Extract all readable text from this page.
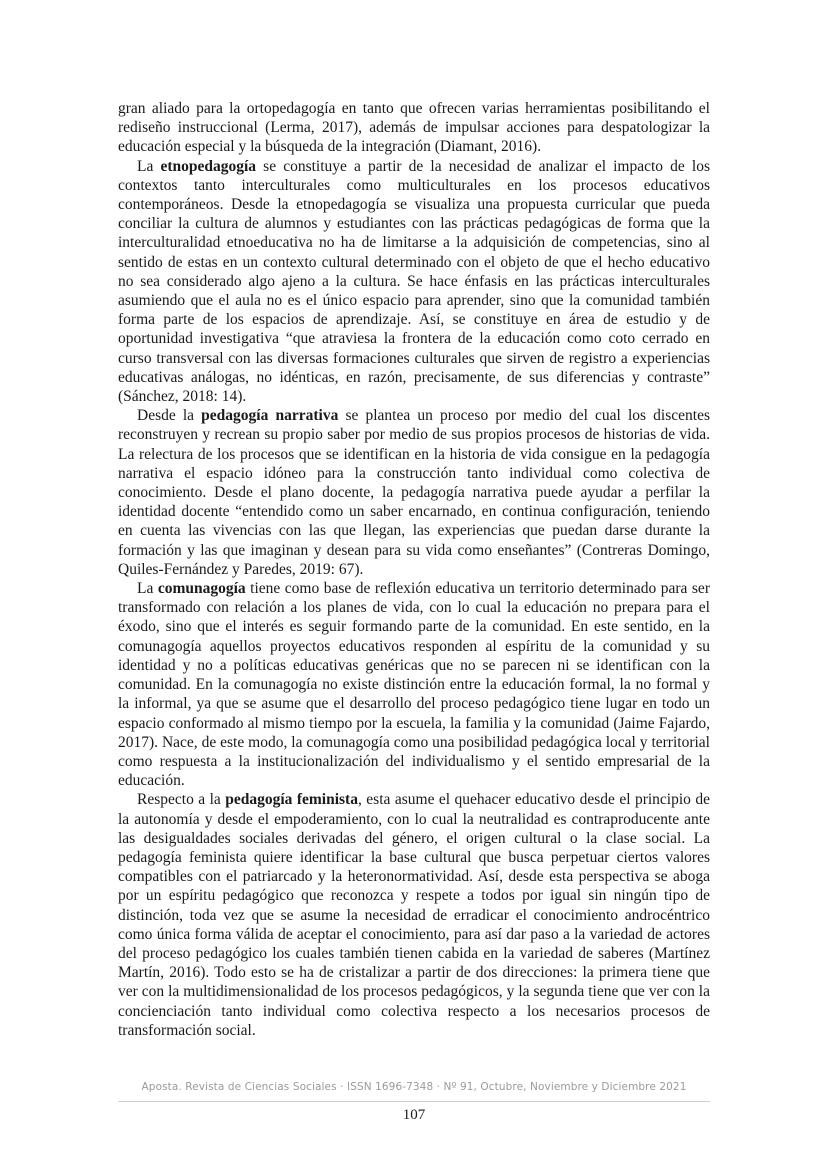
gran aliado para la ortopedagogía en tanto que ofrecen varias herramientas posibilitando el rediseño instruccional (Lerma, 2017), además de impulsar acciones para despatologizar la educación especial y la búsqueda de la integración (Diamant, 2016).

La etnopedagogía se constituye a partir de la necesidad de analizar el impacto de los contextos tanto interculturales como multiculturales en los procesos educativos contemporáneos. Desde la etnopedagogía se visualiza una propuesta curricular que pueda conciliar la cultura de alumnos y estudiantes con las prácticas pedagógicas de forma que la interculturalidad etnoeducativa no ha de limitarse a la adquisición de competencias, sino al sentido de estas en un contexto cultural determinado con el objeto de que el hecho educativo no sea considerado algo ajeno a la cultura. Se hace énfasis en las prácticas interculturales asumiendo que el aula no es el único espacio para aprender, sino que la comunidad también forma parte de los espacios de aprendizaje. Así, se constituye en área de estudio y de oportunidad investigativa “que atraviesa la frontera de la educación como coto cerrado en curso transversal con las diversas formaciones culturales que sirven de registro a experiencias educativas análogas, no idénticas, en razón, precisamente, de sus diferencias y contraste” (Sánchez, 2018: 14).

Desde la pedagogía narrativa se plantea un proceso por medio del cual los discentes reconstruyen y recrean su propio saber por medio de sus propios procesos de historias de vida. La relectura de los procesos que se identifican en la historia de vida consigue en la pedagogía narrativa el espacio idóneo para la construcción tanto individual como colectiva de conocimiento. Desde el plano docente, la pedagogía narrativa puede ayudar a perfilar la identidad docente “entendido como un saber encarnado, en continua configuración, teniendo en cuenta las vivencias con las que llegan, las experiencias que puedan darse durante la formación y las que imaginan y desean para su vida como enseñantes” (Contreras Domingo, Quiles-Fernández y Paredes, 2019: 67).

La comunagogía tiene como base de reflexión educativa un territorio determinado para ser transformado con relación a los planes de vida, con lo cual la educación no prepara para el éxodo, sino que el interés es seguir formando parte de la comunidad. En este sentido, en la comunagogía aquellos proyectos educativos responden al espíritu de la comunidad y su identidad y no a políticas educativas genéricas que no se parecen ni se identifican con la comunidad. En la comunagogía no existe distinción entre la educación formal, la no formal y la informal, ya que se asume que el desarrollo del proceso pedagógico tiene lugar en todo un espacio conformado al mismo tiempo por la escuela, la familia y la comunidad (Jaime Fajardo, 2017). Nace, de este modo, la comunagogía como una posibilidad pedagógica local y territorial como respuesta a la institucionalización del individualismo y el sentido empresarial de la educación.

Respecto a la pedagogía feminista, esta asume el quehacer educativo desde el principio de la autonomía y desde el empoderamiento, con lo cual la neutralidad es contraproducente ante las desigualdades sociales derivadas del género, el origen cultural o la clase social. La pedagogía feminista quiere identificar la base cultural que busca perpetuar ciertos valores compatibles con el patriarcado y la heteronormatividad. Así, desde esta perspectiva se aboga por un espíritu pedagógico que reconozca y respete a todos por igual sin ningún tipo de distinción, toda vez que se asume la necesidad de erradicar el conocimiento androcéntrico como única forma válida de aceptar el conocimiento, para así dar paso a la variedad de actores del proceso pedagógico los cuales también tienen cabida en la variedad de saberes (Martínez Martín, 2016). Todo esto se ha de cristalizar a partir de dos direcciones: la primera tiene que ver con la multidimensionalidad de los procesos pedagógicos, y la segunda tiene que ver con la concienciación tanto individual como colectiva respecto a los necesarios procesos de transformación social.

Aposta. Revista de Ciencias Sociales · ISSN 1696-7348 · Nº 91, Octubre, Noviembre y Diciembre 2021
107
